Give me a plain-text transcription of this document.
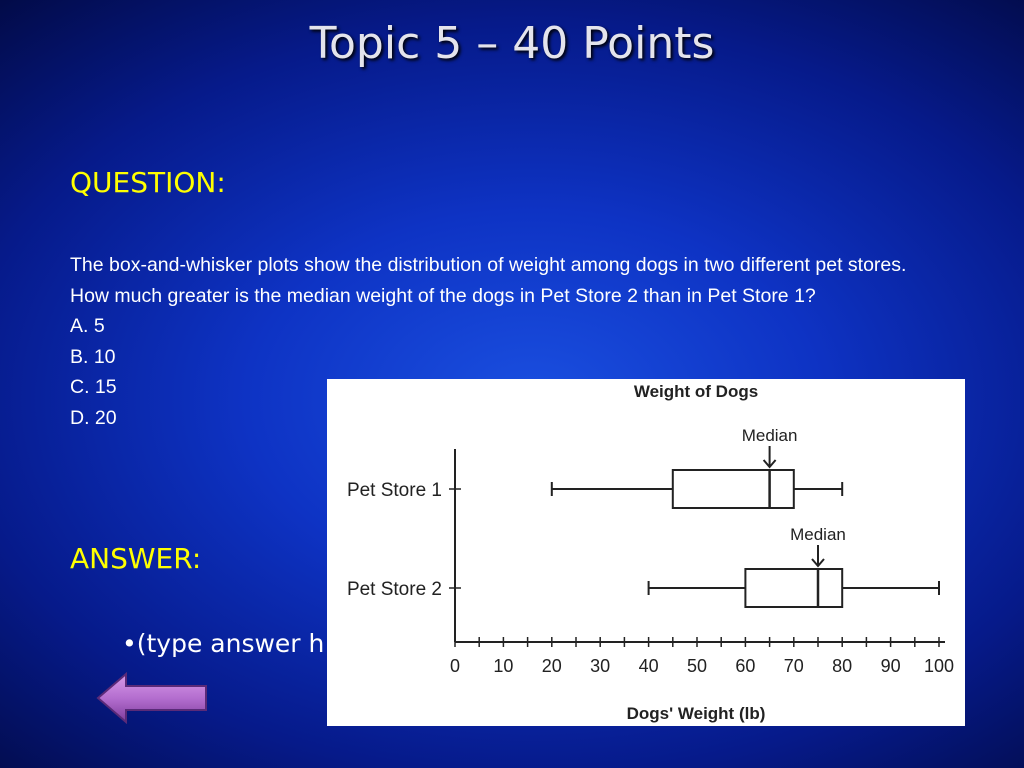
Topic 5 – 40 Points
QUESTION:
The box-and-whisker plots show the distribution of weight among dogs in two different pet stores.
How much greater is the median weight of the dogs in Pet Store 2 than in Pet Store 1?
A. 5
B. 10
C. 15
D. 20
ANSWER:
•(type answer h
Weight of Dogs
0 10 20 30 40 50 60 70 80 90 100
Dogs' Weight (lb)
Pet Store 1
Median
Pet Store 2
Median
